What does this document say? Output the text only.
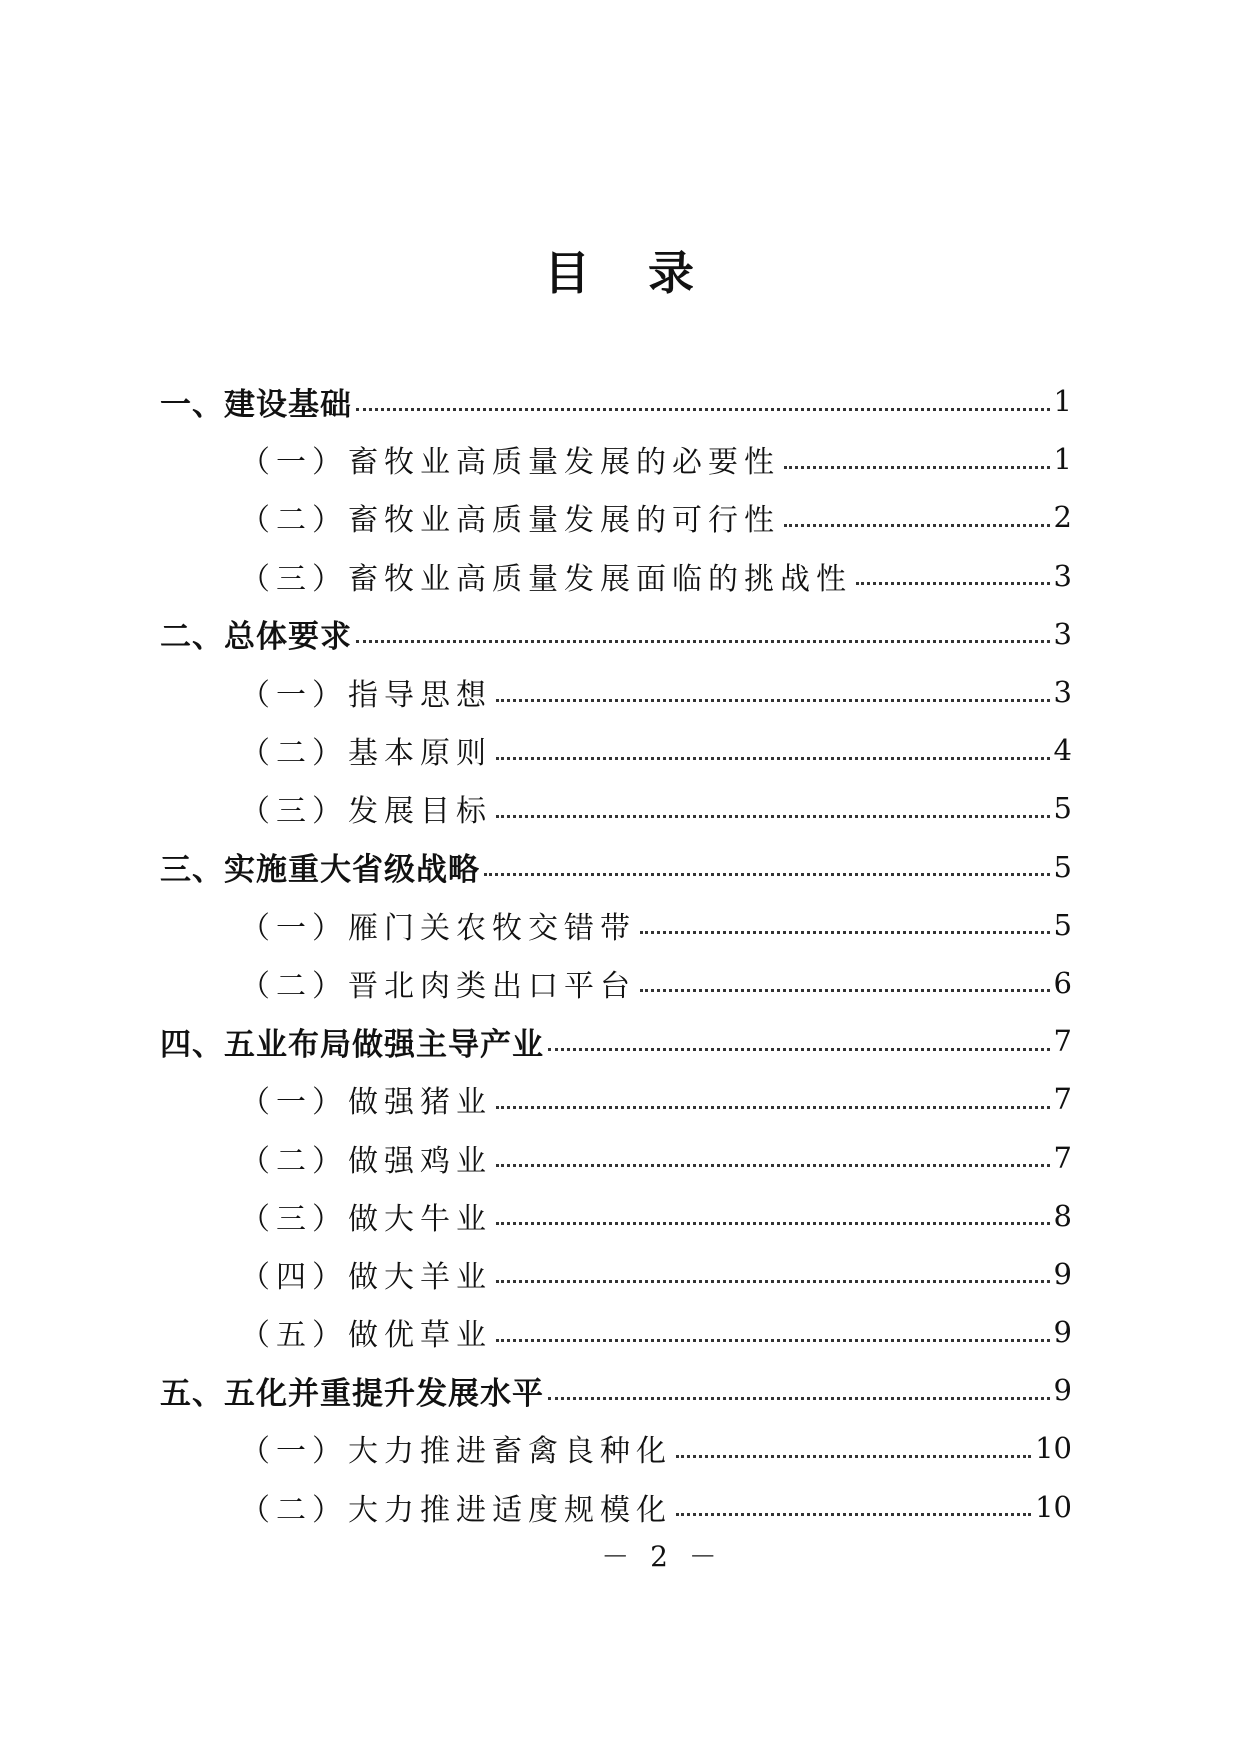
目 录
一、建设基础	1
（一）畜牧业高质量发展的必要性	1
（二）畜牧业高质量发展的可行性	2
（三）畜牧业高质量发展面临的挑战性	3
二、总体要求	3
（一）指导思想	3
（二）基本原则	4
（三）发展目标	5
三、实施重大省级战略	5
（一）雁门关农牧交错带	5
（二）晋北肉类出口平台	6
四、五业布局做强主导产业	7
（一）做强猪业	7
（二）做强鸡业	7
（三）做大牛业	8
（四）做大羊业	9
（五）做优草业	9
五、五化并重提升发展水平	9
（一）大力推进畜禽良种化	10
（二）大力推进适度规模化	10
－ 2 －
